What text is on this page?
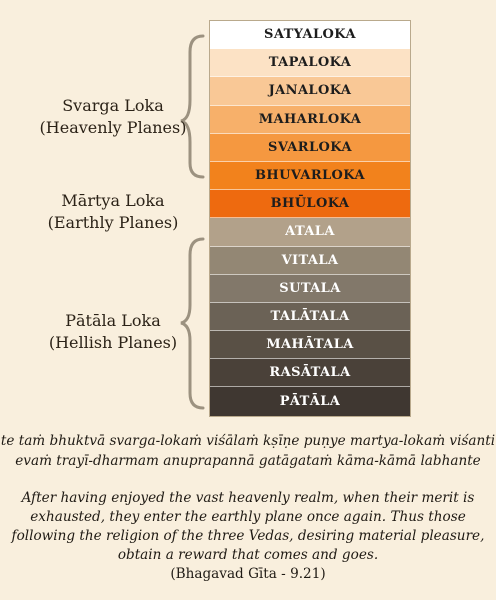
Svarga Loka
(Heavenly Planes)
Mārtya Loka
(Earthly Planes)
Pātāla Loka
(Hellish Planes)
SATYALOKA
TAPALOKA
JANALOKA
MAHARLOKA
SVARLOKA
BHUVARLOKA
BHŪLOKA
ATALA
VITALA
SUTALA
TALĀTALA
MAHĀTALA
RASĀTALA
PĀTĀLA
te taṁ bhuktvā svarga-lokaṁ viśālaṁ kṣīṇe puṇye martya-lokaṁ viśanti
evaṁ trayī-dharmam anuprapannā gatāgataṁ kāma-kāmā labhante
After having enjoyed the vast heavenly realm, when their merit is exhausted, they enter the earthly plane once again. Thus those following the religion of the three Vedas, desiring material pleasure, obtain a reward that comes and goes.
(Bhagavad Gīta - 9.21)
